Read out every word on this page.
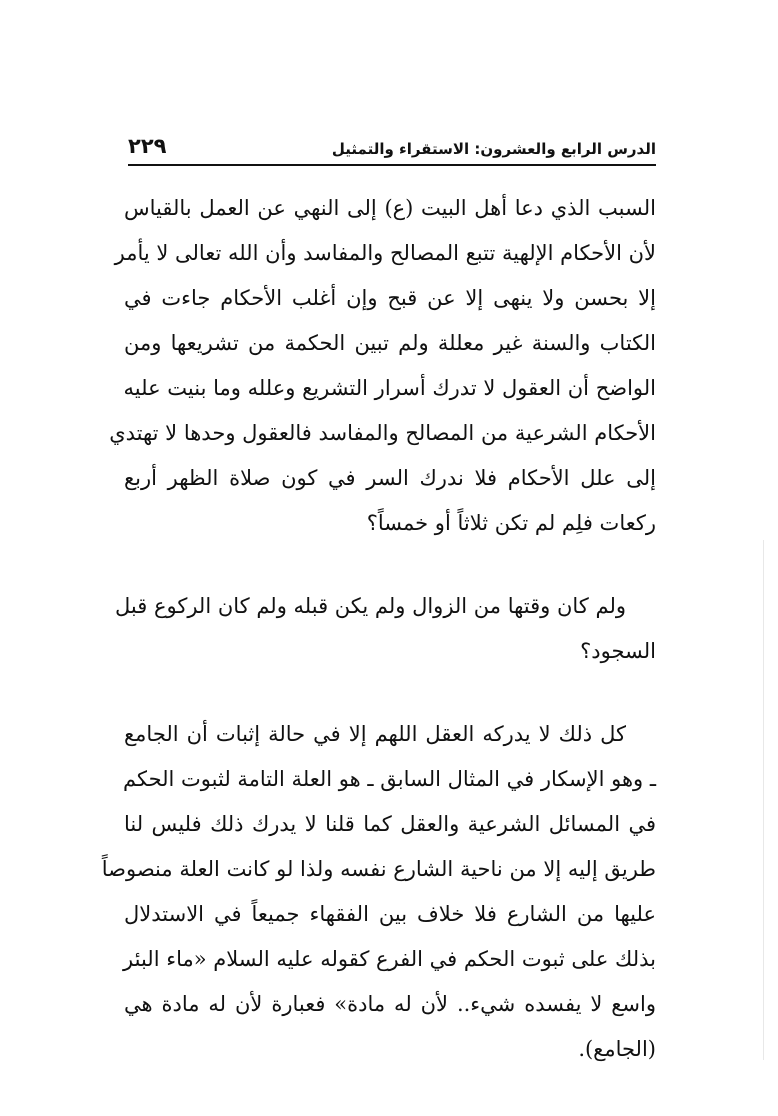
الدرس الرابع والعشرون: الاستقراء والتمثيل
٢٢٩
السبب الذي دعا أهل البيت (ع) إلى النهي عن العمل بالقياس
لأن الأحكام الإلهية تتبع المصالح والمفاسد وأن الله تعالى لا يأمر
إلا بحسن ولا ينهى إلا عن قبح وإن أغلب الأحكام جاءت في
الكتاب والسنة غير معللة ولم تبين الحكمة من تشريعها ومن
الواضح أن العقول لا تدرك أسرار التشريع وعلله وما بنيت عليه
الأحكام الشرعية من المصالح والمفاسد فالعقول وحدها لا تهتدي
إلى علل الأحكام فلا ندرك السر في كون صلاة الظهر أربع
ركعات فلِم لم تكن ثلاثاً أو خمساً؟
ولم كان وقتها من الزوال ولم يكن قبله ولم كان الركوع قبل
السجود؟
كل ذلك لا يدركه العقل اللهم إلا في حالة إثبات أن الجامع
ـ وهو الإسكار في المثال السابق ـ هو العلة التامة لثبوت الحكم
في المسائل الشرعية والعقل كما قلنا لا يدرك ذلك فليس لنا
طريق إليه إلا من ناحية الشارع نفسه ولذا لو كانت العلة منصوصاً
عليها من الشارع فلا خلاف بين الفقهاء جميعاً في الاستدلال
بذلك على ثبوت الحكم في الفرع كقوله عليه السلام «ماء البئر
واسع لا يفسده شيء.. لأن له مادة» فعبارة لأن له مادة هي
(الجامع).
